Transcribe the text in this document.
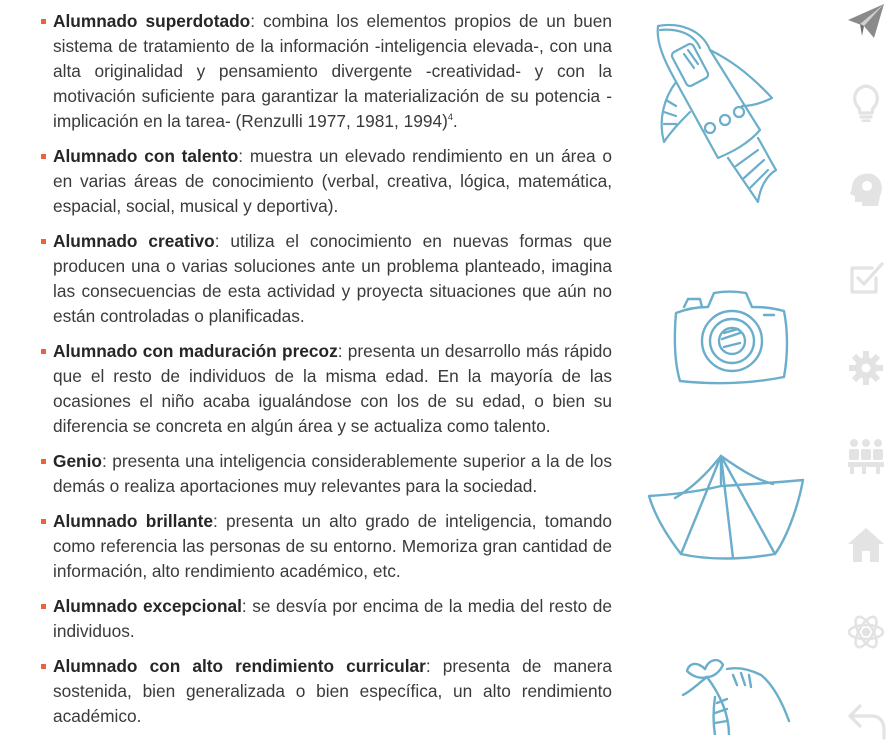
Alumnado superdotado: combina los elementos propios de un buen sistema de tratamiento de la información -inteligencia elevada-, con una alta originalidad y pensamiento divergente -creatividad- y con la motivación suficiente para garantizar la materialización de su potencia -implicación en la tarea- (Renzulli 1977, 1981, 1994)$^4$.
Alumnado con talento: muestra un elevado rendimiento en un área o en varias áreas de conocimiento (verbal, creativa, lógica, matemática, espacial, social, musical y deportiva).
Alumnado creativo: utiliza el conocimiento en nuevas formas que producen una o varias soluciones ante un problema planteado, imagina las consecuencias de esta actividad y proyecta situaciones que aún no están controladas o planificadas.
Alumnado con maduración precoz: presenta un desarrollo más rápido que el resto de individuos de la misma edad. En la mayoría de las ocasiones el niño acaba igualándose con los de su edad, o bien su diferencia se concreta en algún área y se actualiza como talento.
Genio: presenta una inteligencia considerablemente superior a la de los demás o realiza aportaciones muy relevantes para la sociedad.
Alumnado brillante: presenta un alto grado de inteligencia, tomando como referencia las personas de su entorno. Memoriza gran cantidad de información, alto rendimiento académico, etc.
Alumnado excepcional: se desvía por encima de la media del resto de individuos.
Alumnado con alto rendimiento curricular: presenta de manera sostenida, bien generalizada o bien específica, un alto rendimiento académico.
